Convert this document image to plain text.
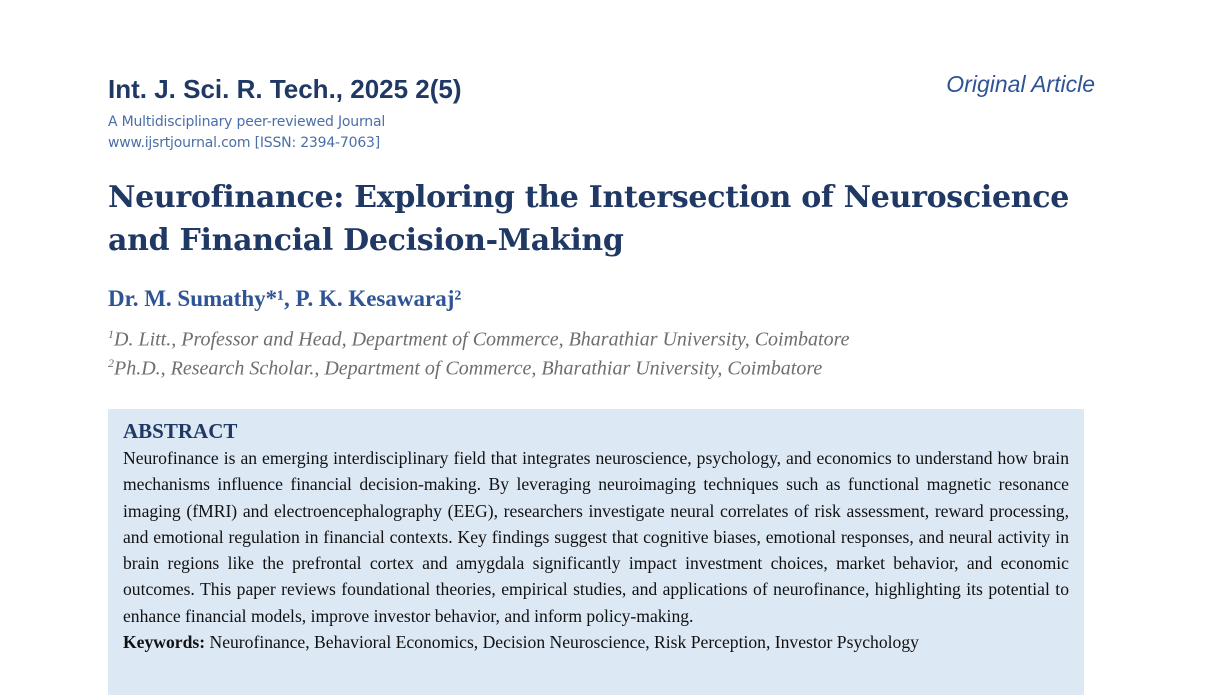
Int. J. Sci. R. Tech., 2025 2(5)	Original Article
A Multidisciplinary peer-reviewed Journal
www.ijsrtjournal.com [ISSN: 2394-7063]
Neurofinance: Exploring the Intersection of Neuroscience and Financial Decision-Making
Dr. M. Sumathy*¹, P. K. Kesawaraj²
$^1$D. Litt., Professor and Head, Department of Commerce, Bharathiar University, Coimbatore
$^2$Ph.D., Research Scholar., Department of Commerce, Bharathiar University, Coimbatore
ABSTRACT

Neurofinance is an emerging interdisciplinary field that integrates neuroscience, psychology, and economics to understand how brain mechanisms influence financial decision-making. By leveraging neuroimaging techniques such as functional magnetic resonance imaging (fMRI) and electroencephalography (EEG), researchers investigate neural correlates of risk assessment, reward processing, and emotional regulation in financial contexts. Key findings suggest that cognitive biases, emotional responses, and neural activity in brain regions like the prefrontal cortex and amygdala significantly impact investment choices, market behavior, and economic outcomes. This paper reviews foundational theories, empirical studies, and applications of neurofinance, highlighting its potential to enhance financial models, improve investor behavior, and inform policy-making.

Keywords: Neurofinance, Behavioral Economics, Decision Neuroscience, Risk Perception, Investor Psychology
